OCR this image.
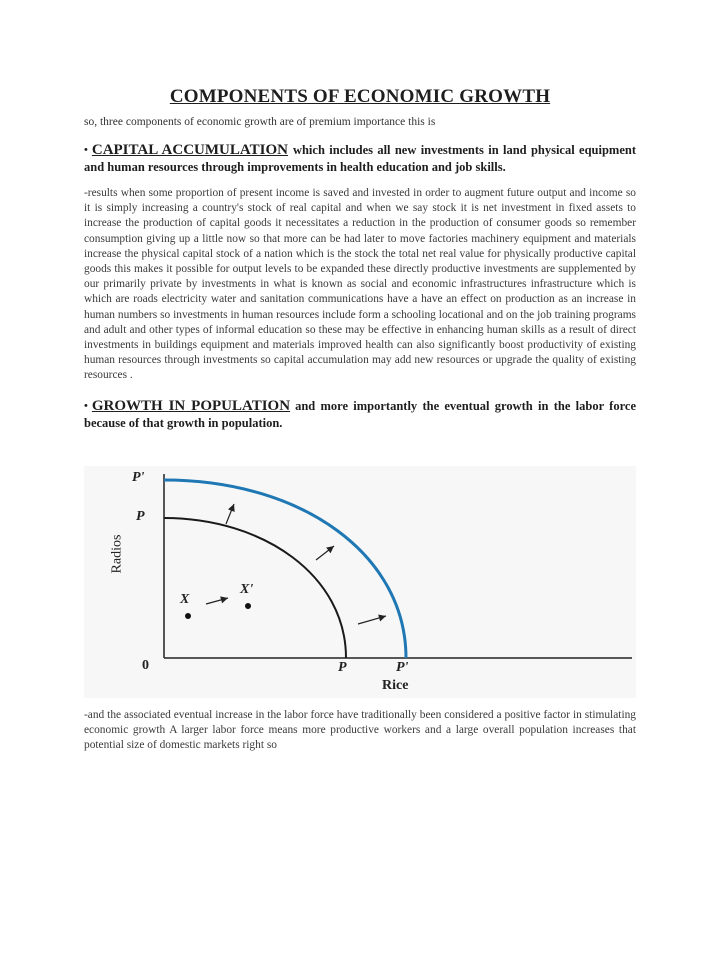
COMPONENTS OF ECONOMIC GROWTH

so, three components of economic growth are of premium importance this is

• CAPITAL ACCUMULATION which includes all new investments in land physical equipment and human resources through improvements in health education and job skills.

-results when some proportion of present income is saved and invested in order to augment future output and income so it is simply increasing a country's stock of real capital and when we say stock it is net investment in fixed assets to increase the production of capital goods it necessitates a reduction in the production of consumer goods so remember consumption giving up a little now so that more can be had later to move factories machinery equipment and materials increase the physical capital stock of a nation which is the stock the total net real value for physically productive capital goods this makes it possible for output levels to be expanded these directly productive investments are supplemented by our primarily private by investments in what is known as social and economic infrastructures infrastructure which is which are roads electricity water and sanitation communications have a have an effect on production as an increase in human numbers so investments in human resources include form a schooling locational and on the job training programs and adult and other types of informal education so these may be effective in enhancing human skills as a result of direct investments in buildings equipment and materials improved health can also significantly boost productivity of existing human resources through investments so capital accumulation may add new resources or upgrade the quality of existing resources .

• GROWTH IN POPULATION and more importantly the eventual growth in the labor force because of that growth in population.

P'
P
Radios
X
X'
0	P	P'
Rice

-and the associated eventual increase in the labor force have traditionally been considered a positive factor in stimulating economic growth A larger labor force means more productive workers and a large overall population increases that potential size of domestic markets right so
